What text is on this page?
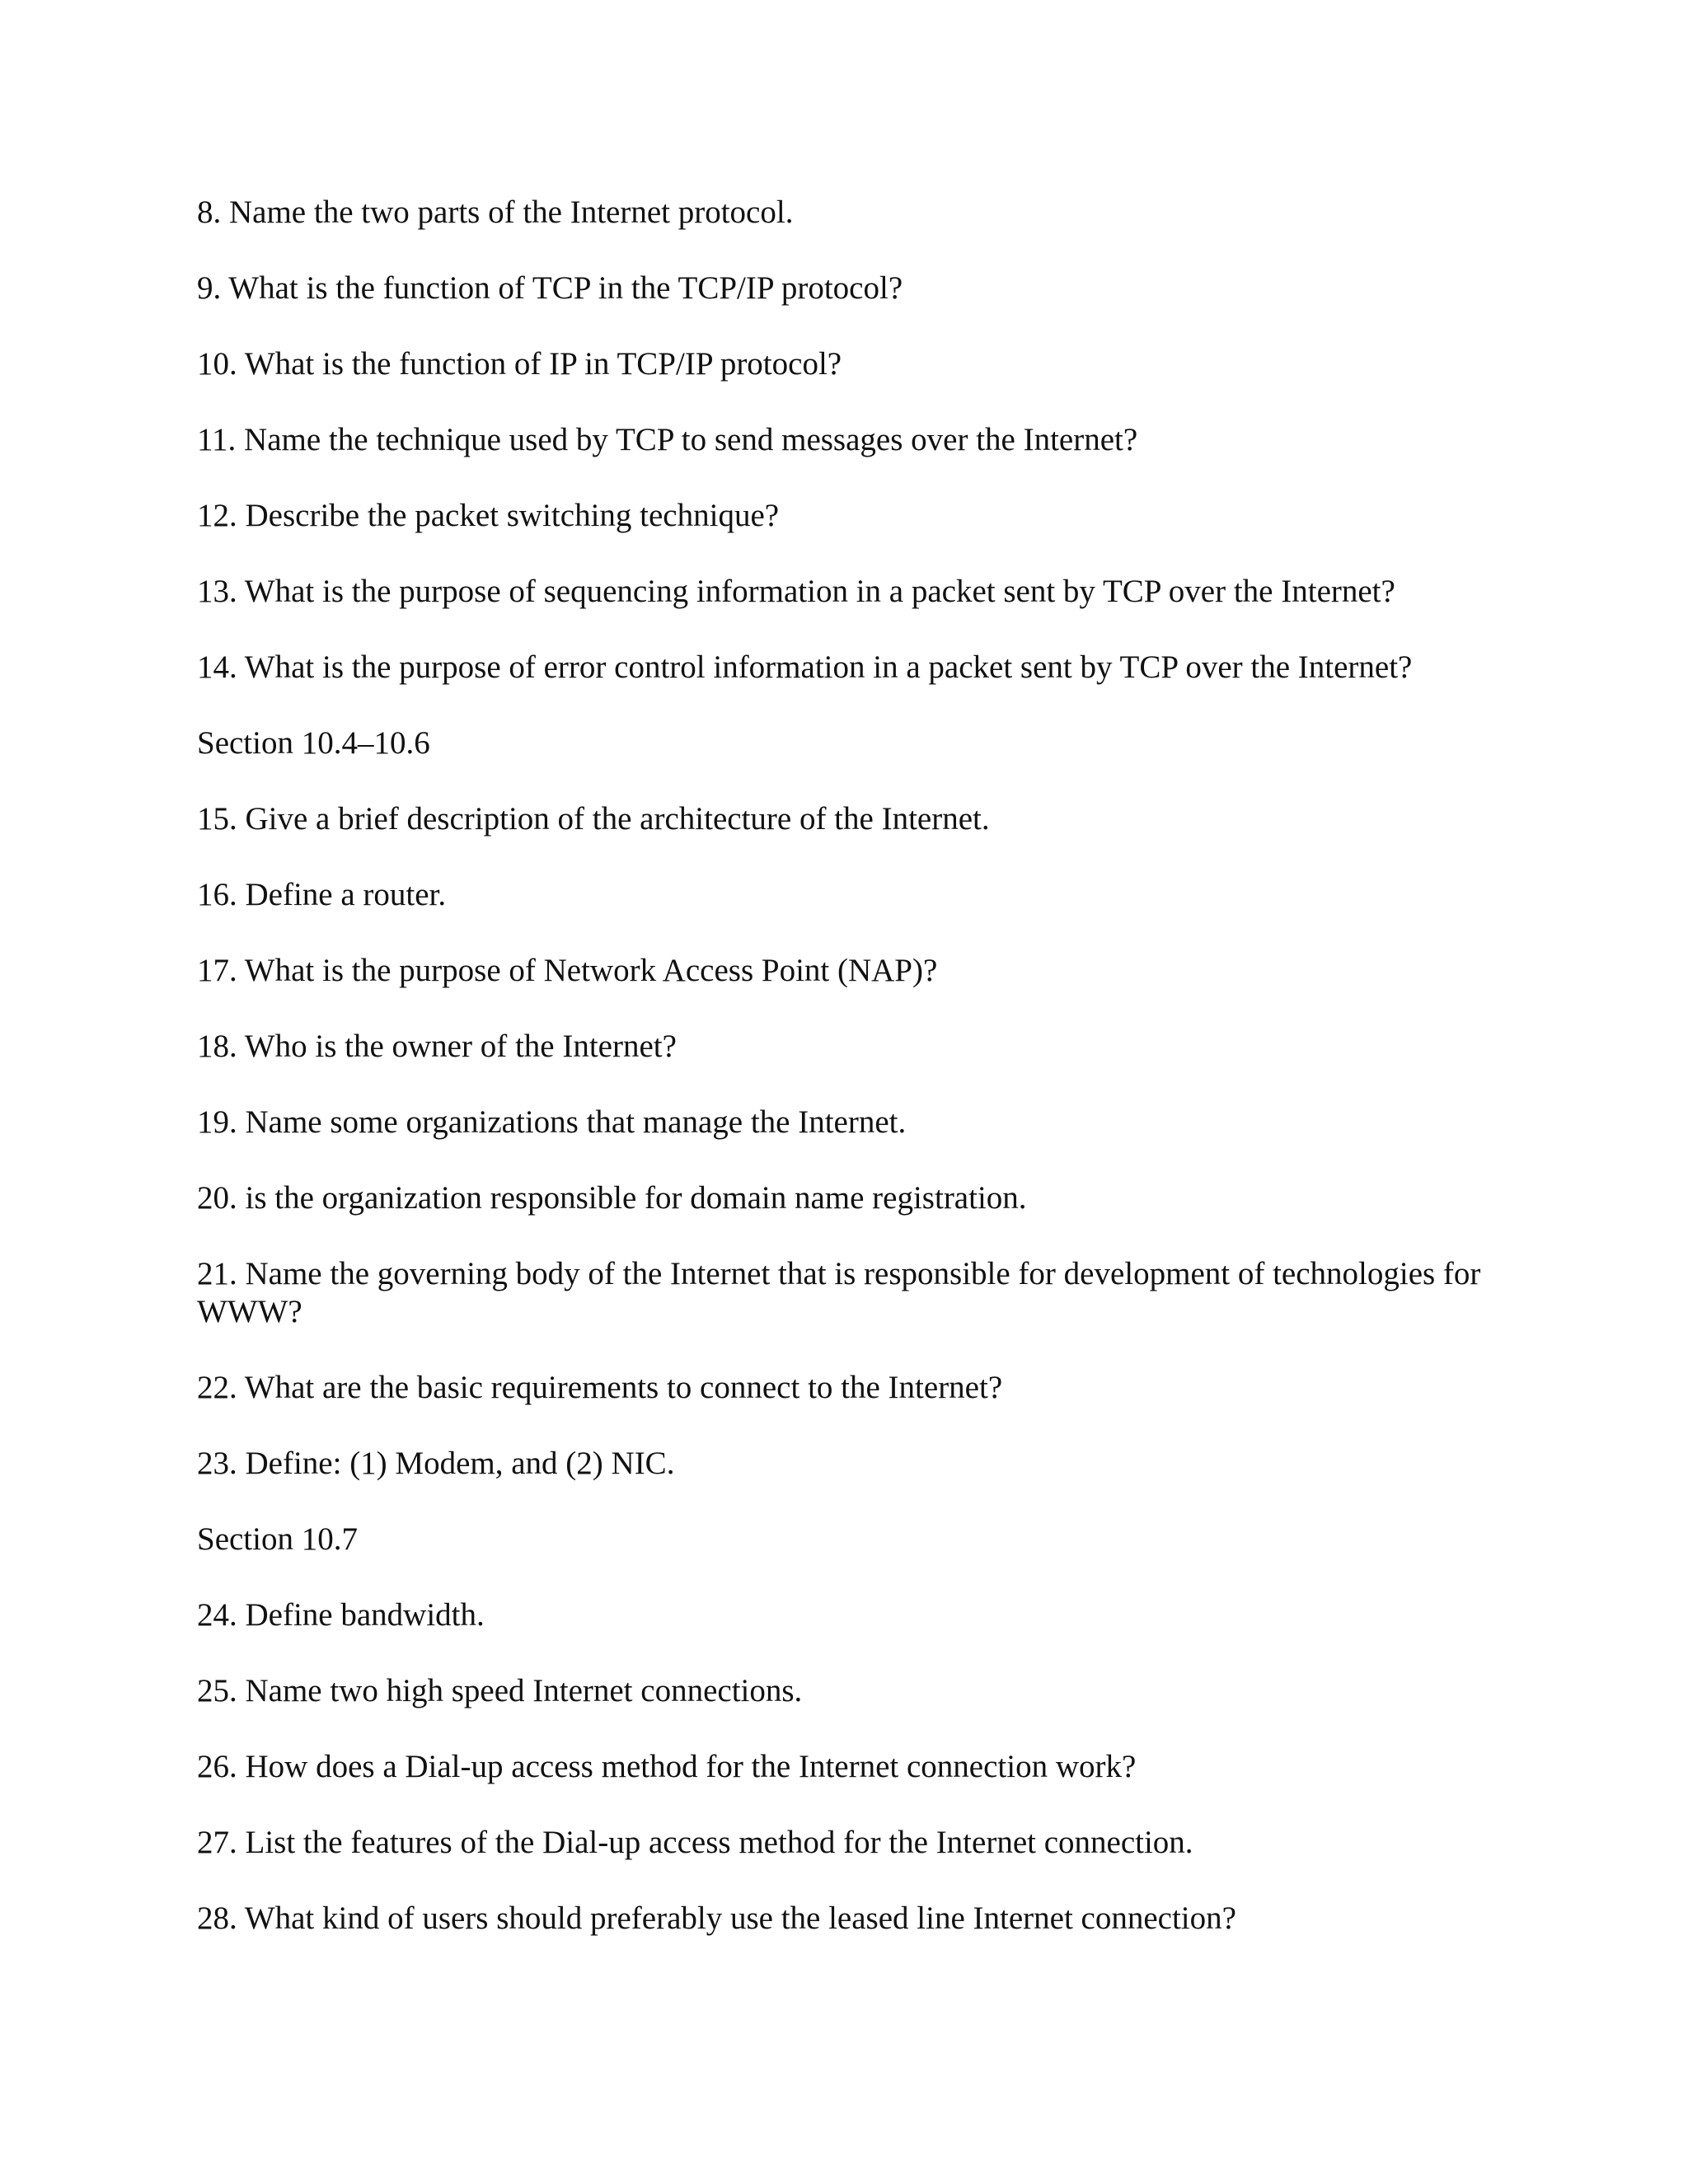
8. Name the two parts of the Internet protocol.
9. What is the function of TCP in the TCP/IP protocol?
10. What is the function of IP in TCP/IP protocol?
11. Name the technique used by TCP to send messages over the Internet?
12. Describe the packet switching technique?
13. What is the purpose of sequencing information in a packet sent by TCP over the Internet?
14. What is the purpose of error control information in a packet sent by TCP over the Internet?
Section 10.4–10.6
15. Give a brief description of the architecture of the Internet.
16. Define a router.
17. What is the purpose of Network Access Point (NAP)?
18. Who is the owner of the Internet?
19. Name some organizations that manage the Internet.
20. is the organization responsible for domain name registration.
21. Name the governing body of the Internet that is responsible for development of technologies for WWW?
22. What are the basic requirements to connect to the Internet?
23. Define: (1) Modem, and (2) NIC.
Section 10.7
24. Define bandwidth.
25. Name two high speed Internet connections.
26. How does a Dial-up access method for the Internet connection work?
27. List the features of the Dial-up access method for the Internet connection.
28. What kind of users should preferably use the leased line Internet connection?
